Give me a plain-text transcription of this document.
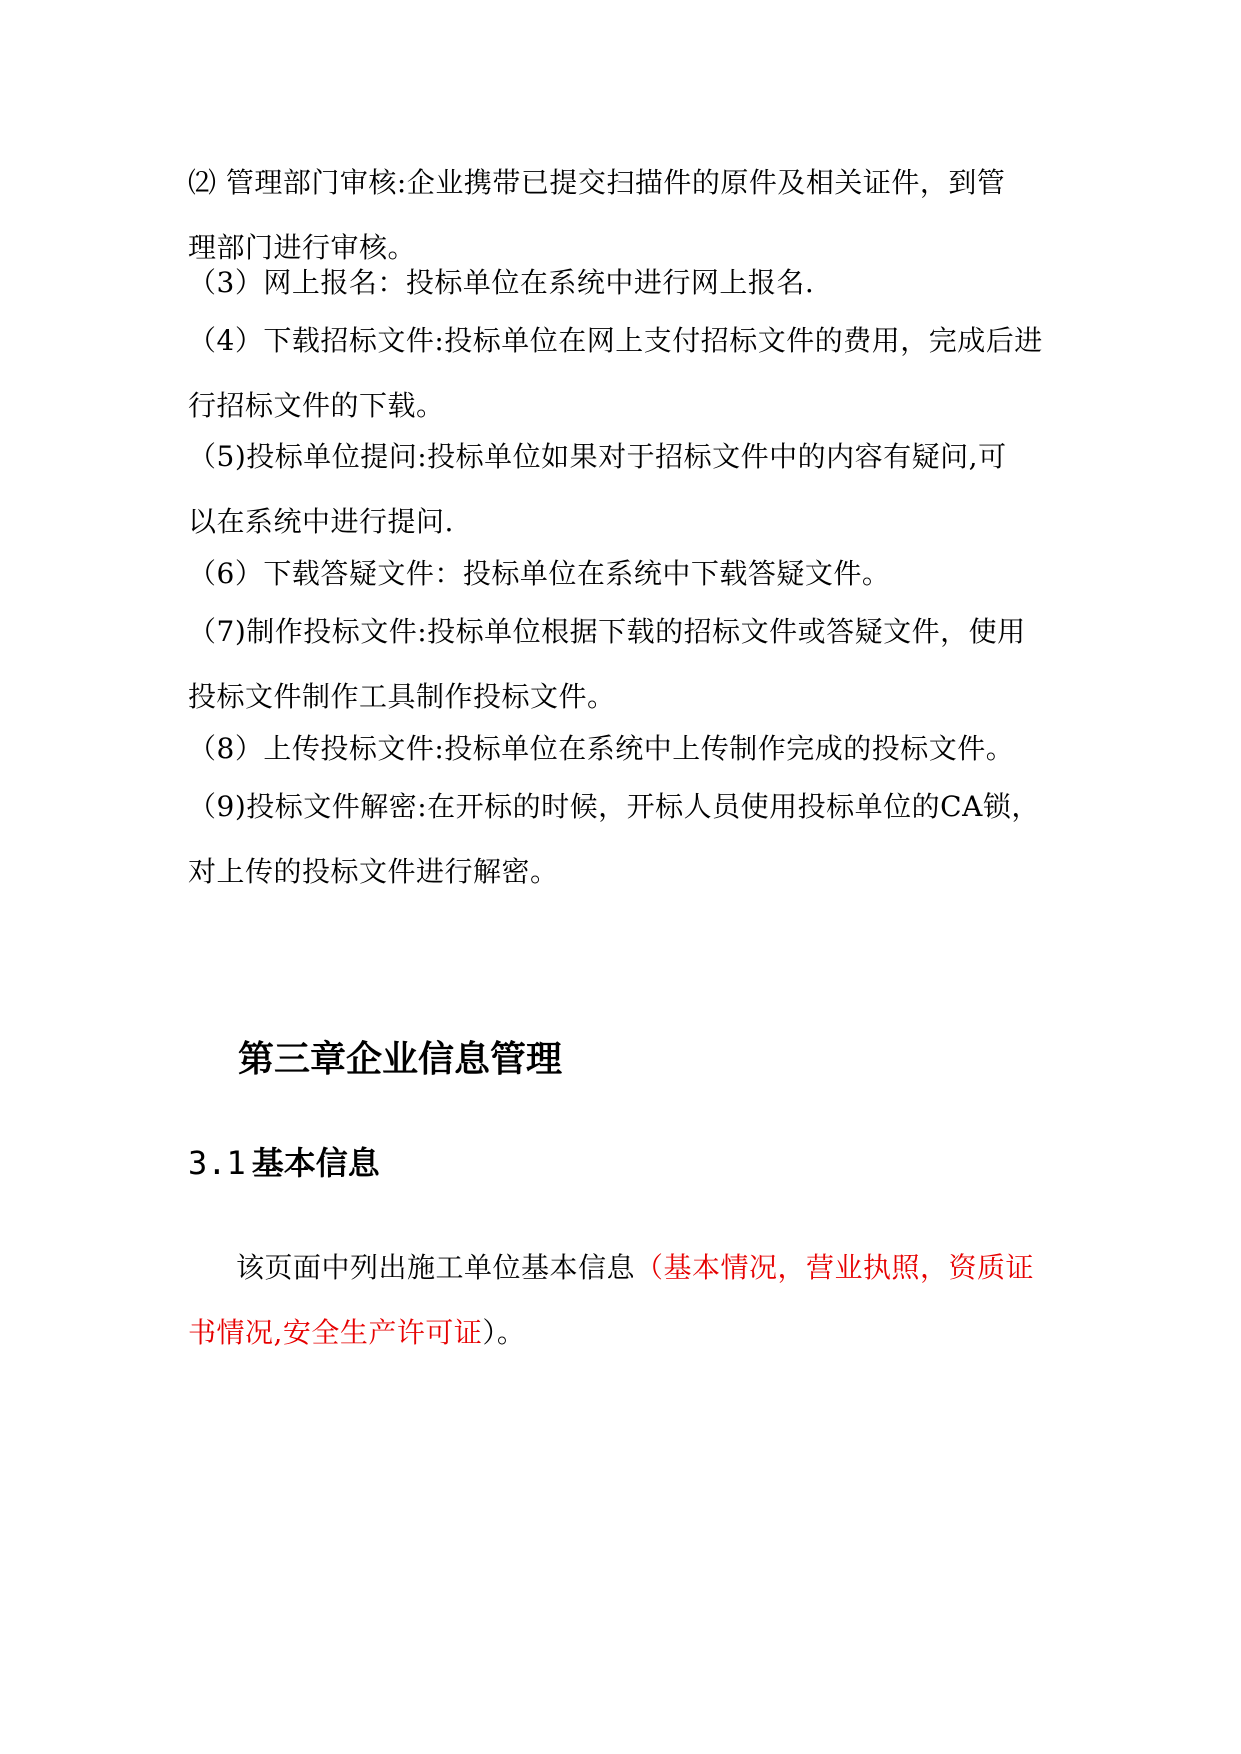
⑵ 管理部门审核:企业携带已提交扫描件的原件及相关证件，到管
理部门进行审核。

（3）网上报名：投标单位在系统中进行网上报名.

（4）下载招标文件:投标单位在网上支付招标文件的费用，完成后进
行招标文件的下载。

（5)投标单位提问:投标单位如果对于招标文件中的内容有疑问,可
以在系统中进行提问.

（6）下载答疑文件：投标单位在系统中下载答疑文件。

（7)制作投标文件:投标单位根据下载的招标文件或答疑文件，使用
投标文件制作工具制作投标文件。

（8）上传投标文件:投标单位在系统中上传制作完成的投标文件。

（9)投标文件解密:在开标的时候，开标人员使用投标单位的CA锁，
对上传的投标文件进行解密。

第三章企业信息管理
3.1 基本信息

该页面中列出施工单位基本信息（基本情况，营业执照，资质证
书情况,安全生产许可证）。
